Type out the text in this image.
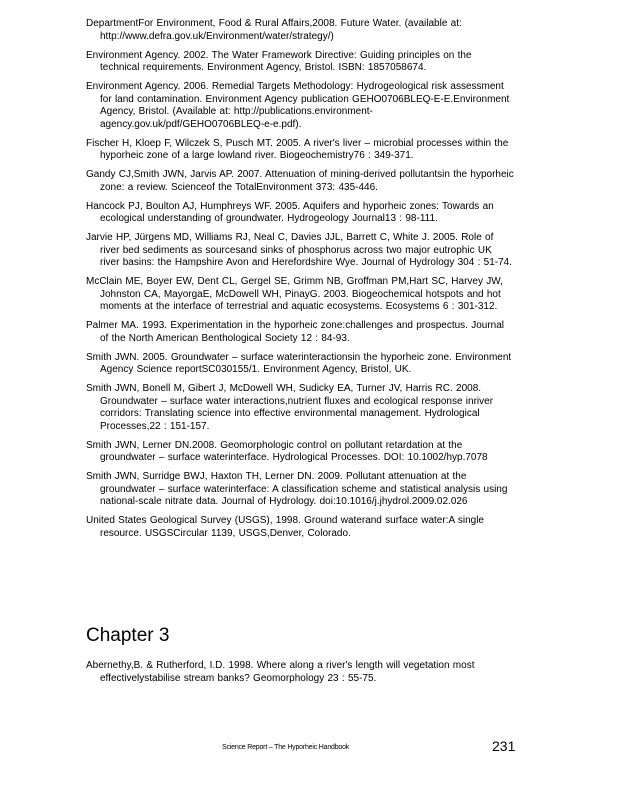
DepartmentFor Environment, Food & Rural Affairs,2008. Future Water. (available at: http://www.defra.gov.uk/Environment/water/strategy/)

Environment Agency. 2002. The Water Framework Directive: Guiding principles on the technical requirements. Environment Agency, Bristol. ISBN: 1857058674.

Environment Agency. 2006. Remedial Targets Methodology: Hydrogeological risk assessment for land contamination. Environment Agency publication GEHO0706BLEQ-E-E.Environment Agency, Bristol. (Available at: http://publications.environment-agency.gov.uk/pdf/GEHO0706BLEQ-e-e.pdf).

Fischer H, Kloep F, Wilczek S, Pusch MT. 2005. A river's liver – microbial processes within the hyporheic zone of a large lowland river. Biogeochemistry76 : 349-371.

Gandy CJ,Smith JWN, Jarvis AP. 2007. Attenuation of mining-derived pollutantsin the hyporheic zone: a review. Scienceof the TotalEnvironment 373: 435-446.

Hancock PJ, Boulton AJ, Humphreys WF. 2005. Aquifers and hyporheic zones: Towards an ecological understanding of groundwater. Hydrogeology Journal13 : 98-111.

Jarvie HP, Jürgens MD, Williams RJ, Neal C, Davies JJL, Barrett C, White J. 2005. Role of river bed sediments as sourcesand sinks of phosphorus across two major eutrophic UK river basins: the Hampshire Avon and Herefordshire Wye. Journal of Hydrology 304 : 51-74.

McClain ME, Boyer EW, Dent CL, Gergel SE, Grimm NB, Groffman PM,Hart SC, Harvey JW, Johnston CA, MayorgaE, McDowell WH, PinayG. 2003. Biogeochemical hotspots and hot moments at the interface of terrestrial and aquatic ecosystems. Ecosystems 6 : 301-312.

Palmer MA. 1993. Experimentation in the hyporheic zone:challenges and prospectus. Journal of the North American Benthological Society 12 : 84-93.

Smith JWN. 2005. Groundwater – surface waterinteractionsin the hyporheic zone. Environment Agency Science reportSC030155/1. Environment Agency, Bristol, UK.

Smith JWN, Bonell M, Gibert J, McDowell WH, Sudicky EA, Turner JV, Harris RC. 2008. Groundwater – surface water interactions,nutrient fluxes and ecological response inriver corridors: Translating science into effective environmental management. Hydrological Processes,22 : 151-157.

Smith JWN, Lerner DN.2008. Geomorphologic control on pollutant retardation at the groundwater – surface waterinterface. Hydrological Processes. DOI: 10.1002/hyp.7078

Smith JWN, Surridge BWJ, Haxton TH, Lerner DN. 2009. Pollutant attenuation at the groundwater – surface waterinterface: A classification scheme and statistical analysis using national-scale nitrate data. Journal of Hydrology. doi:10.1016/j.jhydrol.2009.02.026

United States Geological Survey (USGS), 1998. Ground waterand surface water:A single resource. USGSCircular 1139, USGS,Denver, Colorado.

Chapter 3

Abernethy,B. & Rutherford, I.D. 1998. Where along a river's length will vegetation most effectivelystabilise stream banks? Geomorphology 23 : 55-75.

Science Report – The Hyporheic Handbook	231
